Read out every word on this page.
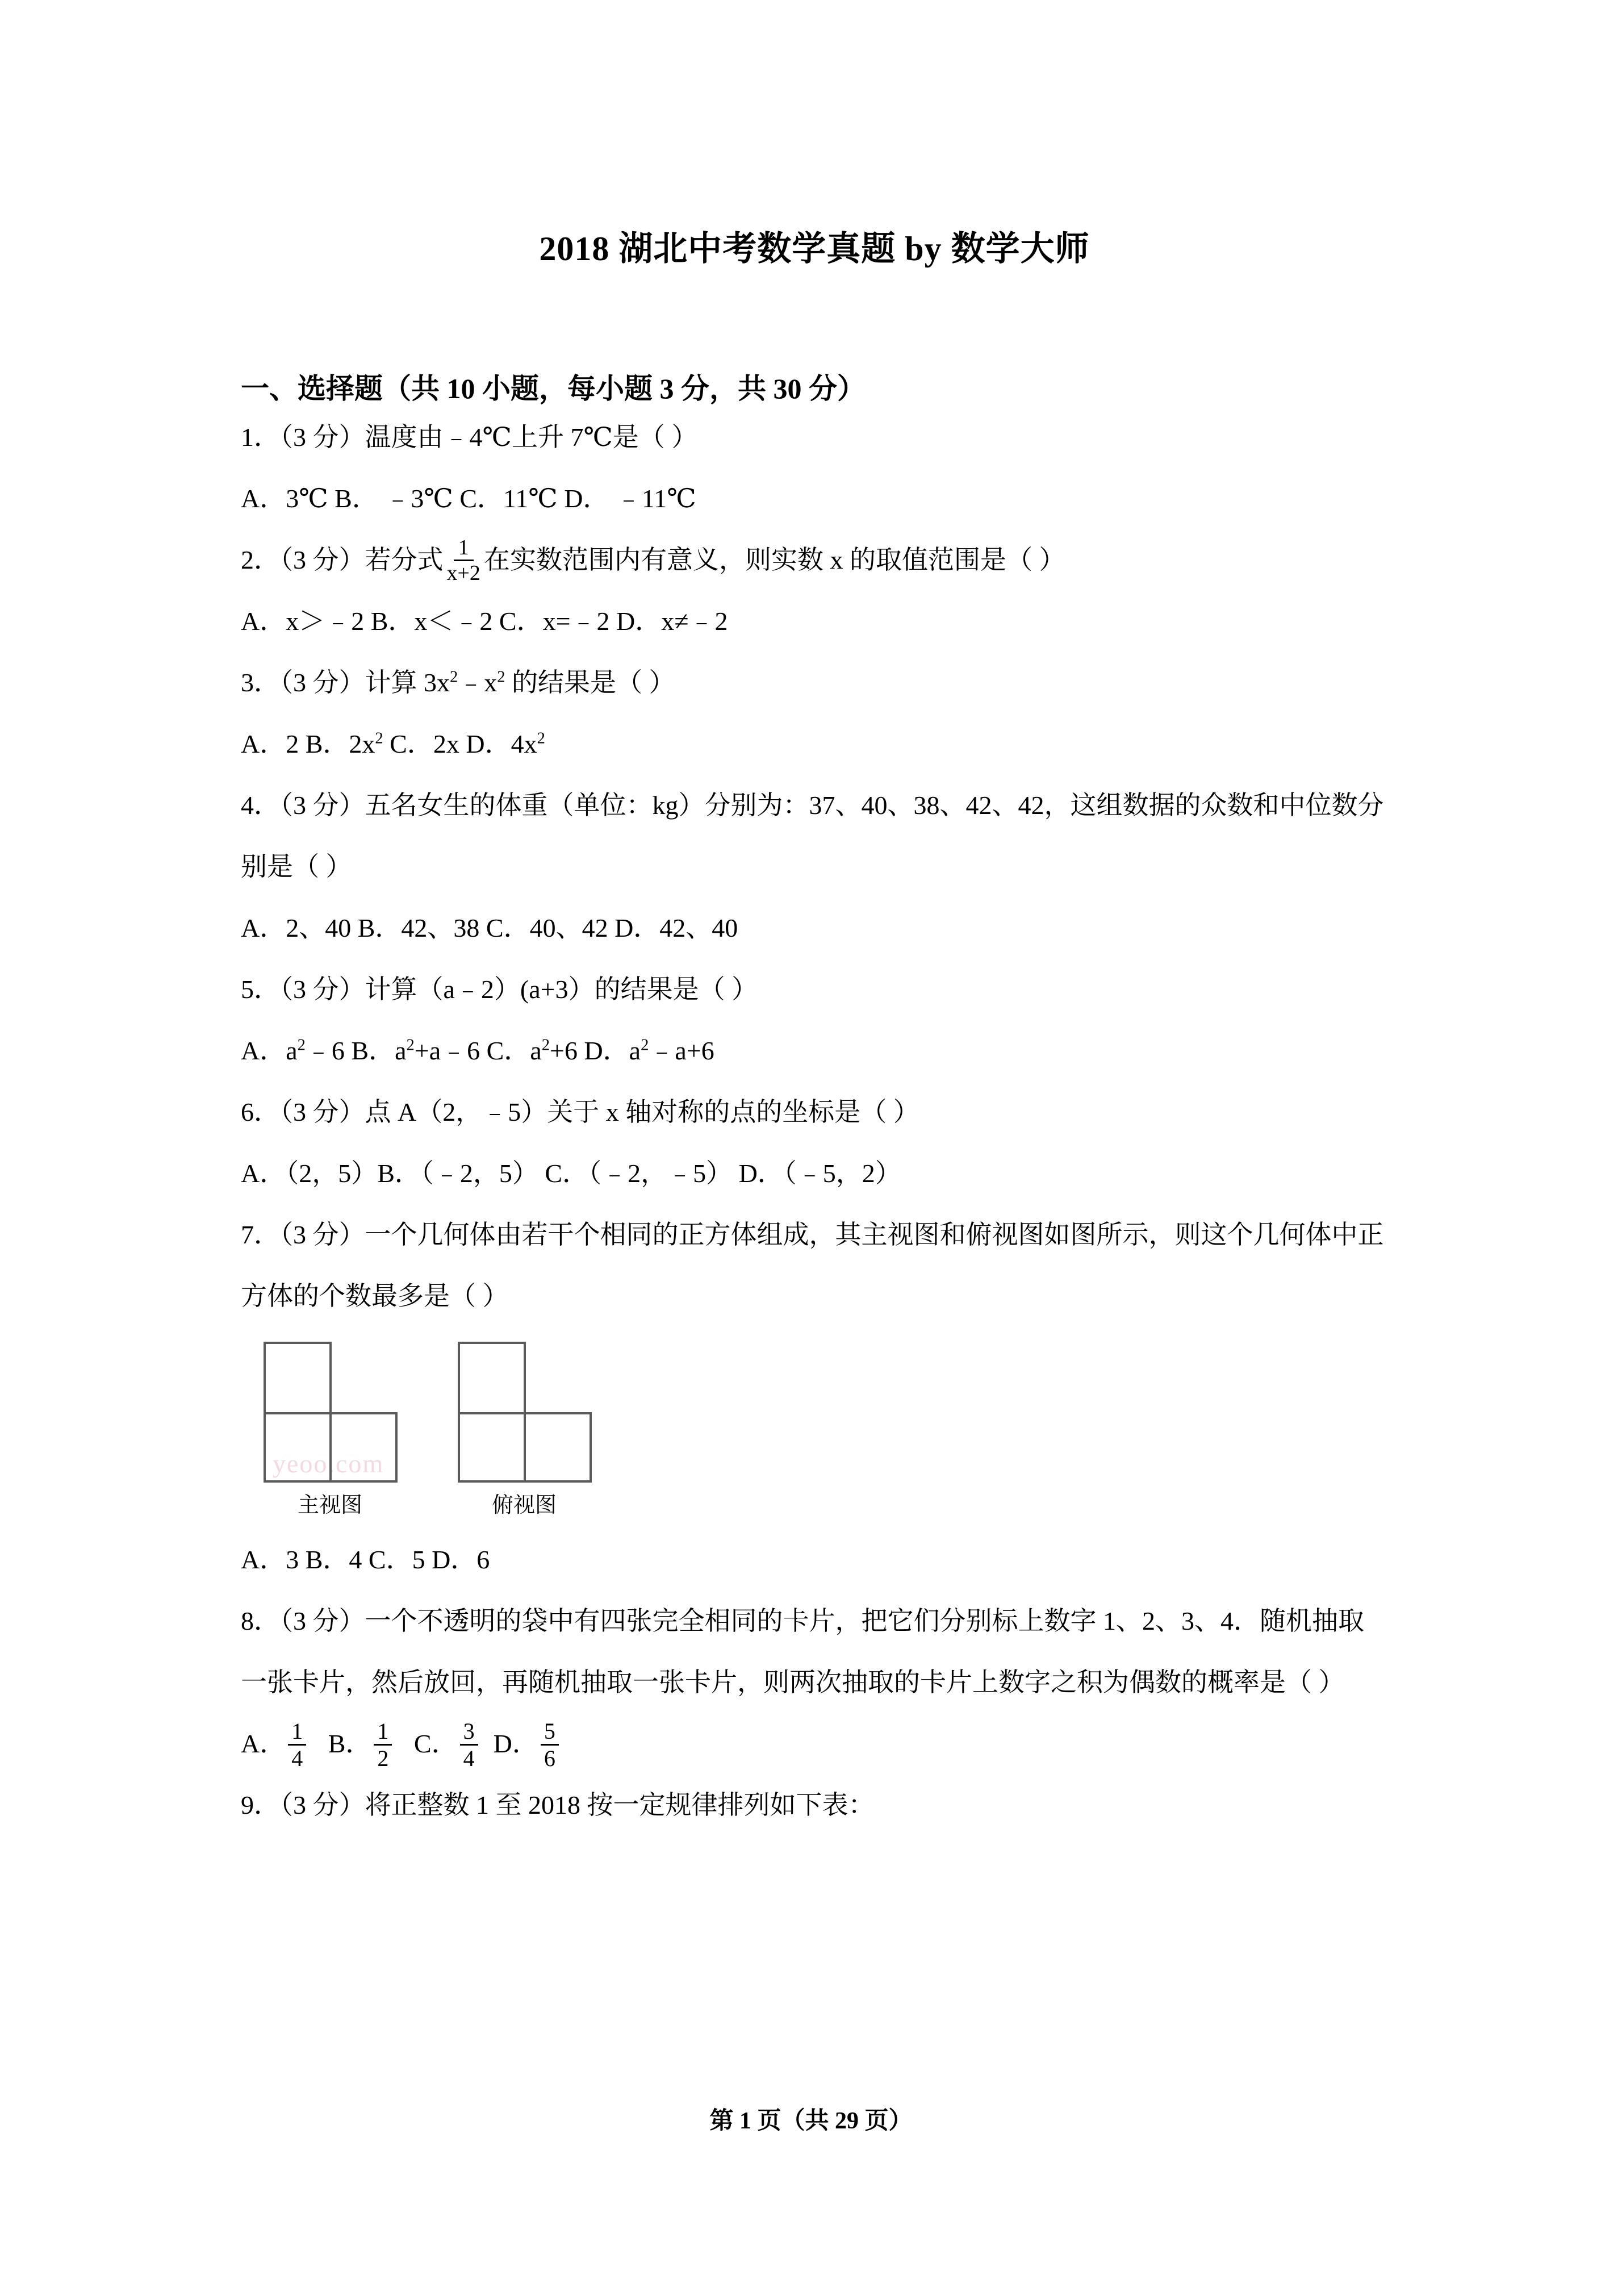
2018 湖北中考数学真题 by 数学大师
一、选择题（共 10 小题，每小题 3 分，共 30 分）
1．（3 分）温度由﹣4℃上升 7℃是（ ）
A．3℃ B． ﹣3℃ C．11℃ D． ﹣11℃
2．（3 分）若分式 $\frac{1}{x+2}$ 在实数范围内有意义，则实数 x 的取值范围是（ ）
A．x＞﹣2 B．x＜﹣2 C．x=﹣2 D．x≠﹣2
3．（3 分）计算 $3x^2﹣x^2$ 的结果是（ ）
A．2 B．$2x^2$ C．2x D．$4x^2$
4．（3 分）五名女生的体重（单位：kg）分别为：37、40、38、42、42，这组数据的众数和中位数分别是（ ）
A．2、40 B．42、38 C．40、42 D．42、40
5．（3 分）计算（a﹣2）(a+3）的结果是（ ）
A．$a^2﹣6$ B．$a^2+a﹣6$ C．$a^2+6$ D．$a^2﹣a+6$
6．（3 分）点 A（2，﹣5）关于 x 轴对称的点的坐标是（ ）
A．（2，5）B．（﹣2，5） C．（﹣2，﹣5） D．（﹣5，2）
7．（3 分）一个几何体由若干个相同的正方体组成，其主视图和俯视图如图所示，则这个几何体中正方体的个数最多是（ ）
yeoo.com
主视图	俯视图
A．3 B．4 C．5 D．6
8．（3 分）一个不透明的袋中有四张完全相同的卡片，把它们分别标上数字 1、2、3、4．随机抽取一张卡片，然后放回，再随机抽取一张卡片，则两次抽取的卡片上数字之积为偶数的概率是（ ）
A． $\frac{1}{4}$ B． $\frac{1}{2}$ C． $\frac{3}{4}$ D． $\frac{5}{6}$
9．（3 分）将正整数 1 至 2018 按一定规律排列如下表：
第 1 页（共 29 页）
